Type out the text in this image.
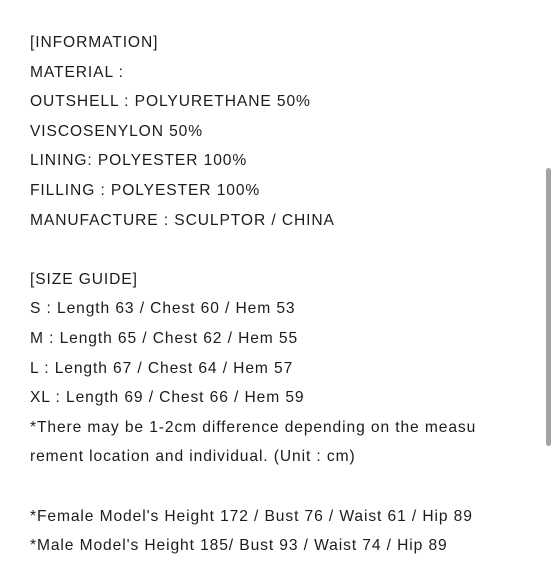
[INFORMATION]
MATERIAL :
OUTSHELL : POLYURETHANE 50%
VISCOSENYLON 50%
LINING: POLYESTER 100%
FILLING : POLYESTER 100%
MANUFACTURE : SCULPTOR / CHINA
[SIZE GUIDE]
S : Length 63 / Chest 60 / Hem 53
M : Length 65 / Chest 62 / Hem 55
L : Length 67 / Chest 64 / Hem 57
XL : Length 69 / Chest 66 / Hem 59
*There may be 1-2cm difference depending on the measu
rement location and individual. (Unit : cm)
*Female Model's Height 172 / Bust 76 / Waist 61 / Hip 89
*Male Model's Height 185/ Bust 93 / Waist 74 / Hip 89
